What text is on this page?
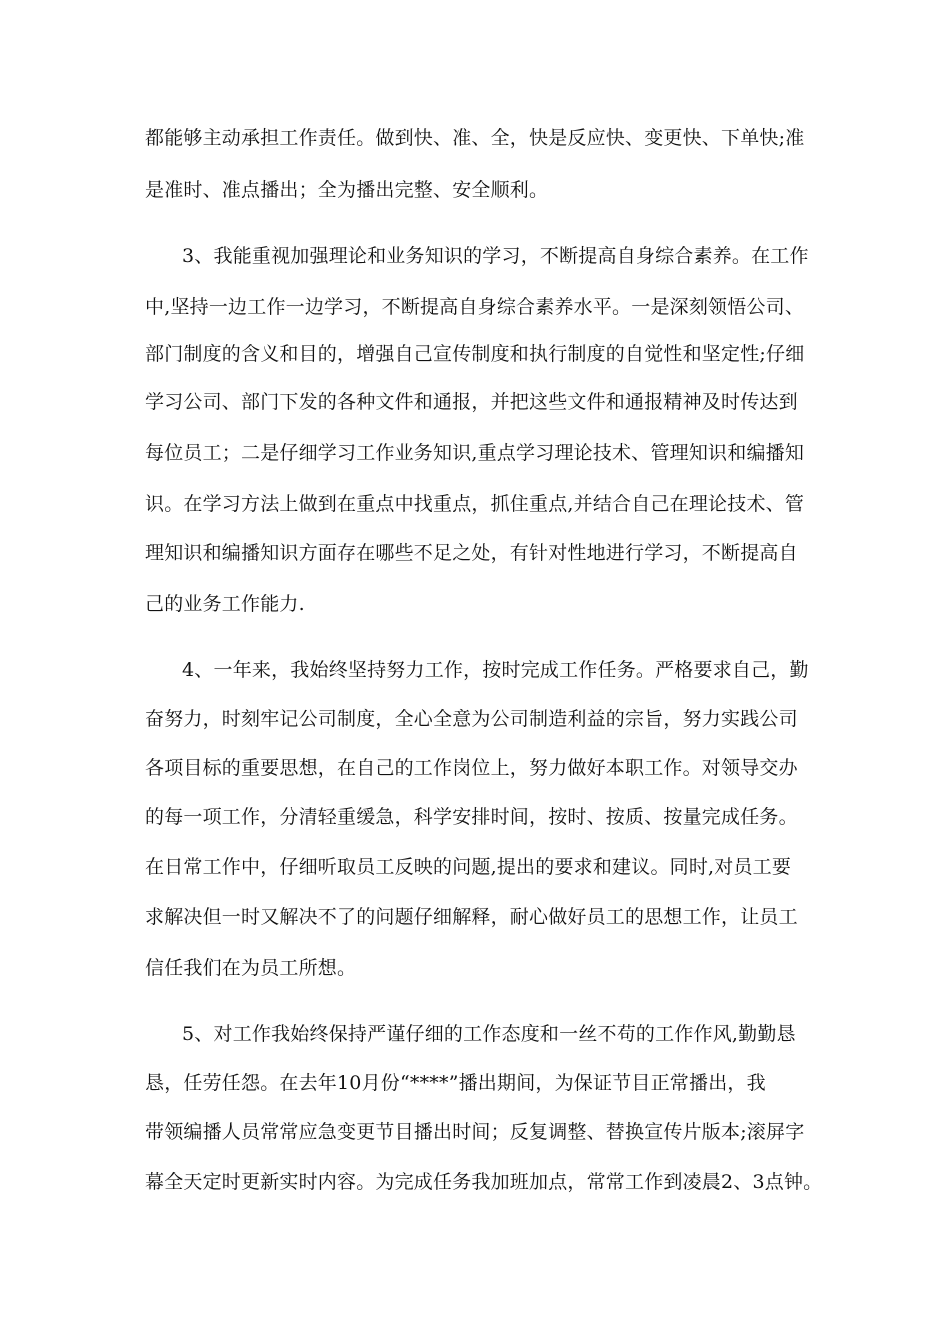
都能够主动承担工作责任。做到快、准、全，快是反应快、变更快、下单快;准
是准时、准点播出；全为播出完整、安全顺利。
3、我能重视加强理论和业务知识的学习，不断提高自身综合素养。在工作
中,坚持一边工作一边学习，不断提高自身综合素养水平。一是深刻领悟公司、
部门制度的含义和目的，增强自己宣传制度和执行制度的自觉性和坚定性;仔细
学习公司、部门下发的各种文件和通报，并把这些文件和通报精神及时传达到
每位员工；二是仔细学习工作业务知识,重点学习理论技术、管理知识和编播知
识。在学习方法上做到在重点中找重点，抓住重点,并结合自己在理论技术、管
理知识和编播知识方面存在哪些不足之处，有针对性地进行学习，不断提高自
己的业务工作能力.
4、一年来，我始终坚持努力工作，按时完成工作任务。严格要求自己，勤
奋努力，时刻牢记公司制度，全心全意为公司制造利益的宗旨，努力实践公司
各项目标的重要思想，在自己的工作岗位上，努力做好本职工作。对领导交办
的每一项工作，分清轻重缓急，科学安排时间，按时、按质、按量完成任务。
在日常工作中，仔细听取员工反映的问题,提出的要求和建议。同时,对员工要
求解决但一时又解决不了的问题仔细解释，耐心做好员工的思想工作，让员工
信任我们在为员工所想。
5、对工作我始终保持严谨仔细的工作态度和一丝不苟的工作作风,勤勤恳
恳，任劳任怨。在去年10月份“****”播出期间，为保证节目正常播出，我
带领编播人员常常应急变更节目播出时间；反复调整、替换宣传片版本;滚屏字
幕全天定时更新实时内容。为完成任务我加班加点，常常工作到凌晨2、3点钟。
